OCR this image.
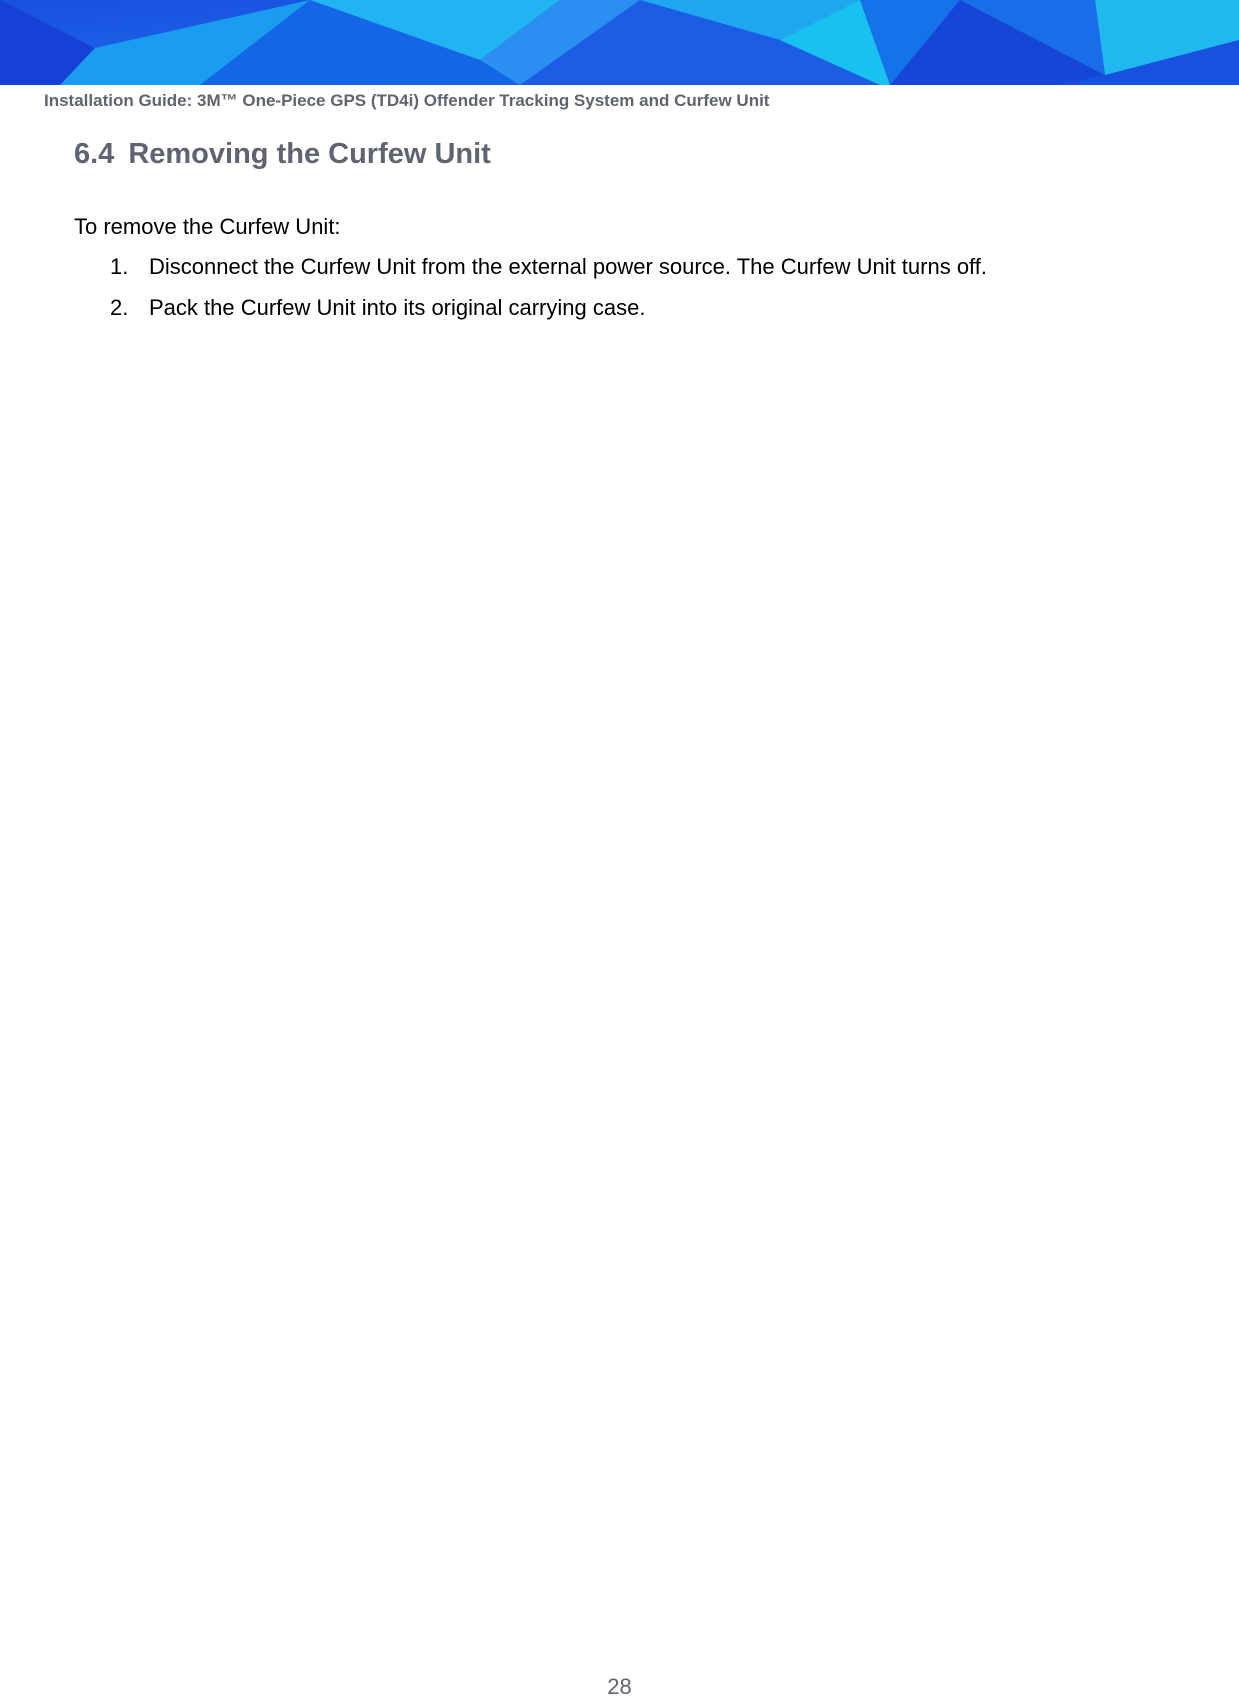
Installation Guide: 3M™ One-Piece GPS (TD4i) Offender Tracking System and Curfew Unit
6.4 Removing the Curfew Unit

To remove the Curfew Unit:

1. Disconnect the Curfew Unit from the external power source. The Curfew Unit turns off.
2. Pack the Curfew Unit into its original carrying case.
28
